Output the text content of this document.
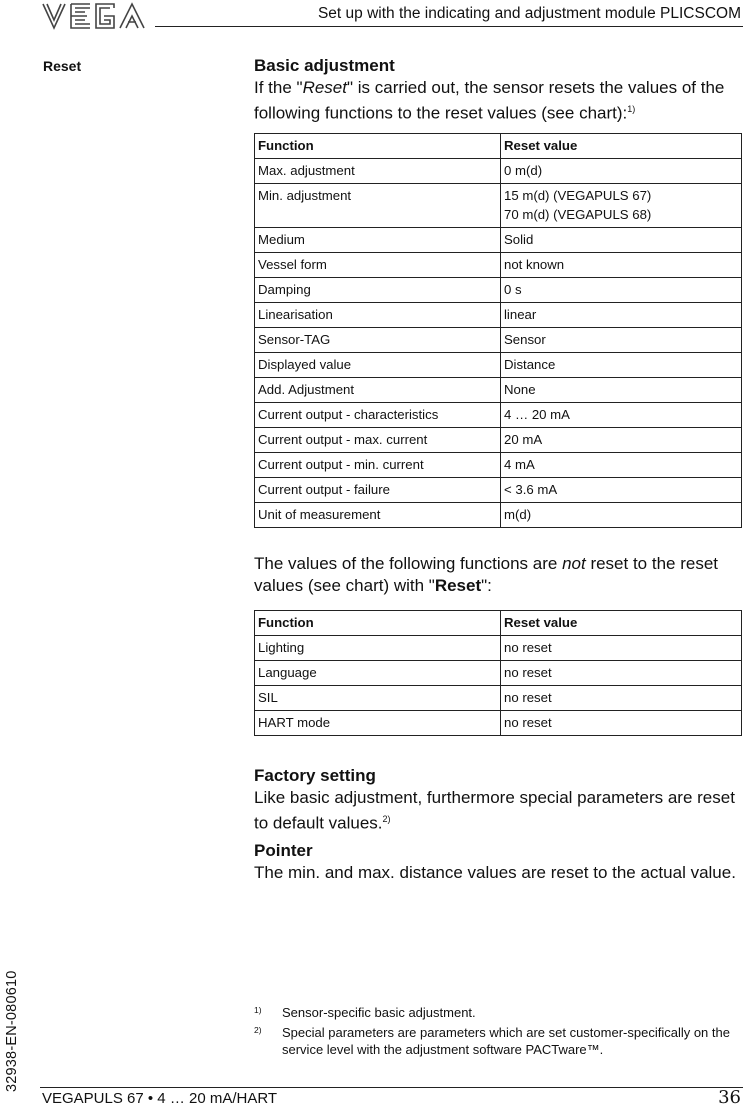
Set up with the indicating and adjustment module PLICSCOM
Reset	Basic adjustment

If the "Reset" is carried out, the sensor resets the values of the following functions to the reset values (see chart):$^{1)}$

Function	Reset value
Max. adjustment	0 m(d)

Min. adjustment	15 m(d) (VEGAPULS 67)
70 m(d) (VEGAPULS 68)

Medium	Solid

Vessel form	not known

Damping	0 s

Linearisation	linear

Sensor-TAG	Sensor

Displayed value	Distance

Add. Adjustment	None

Current output - characteristics	4 … 20 mA

Current output - max. current	20 mA

Current output - min. current	4 mA

Current output - failure	< 3.6 mA

Unit of measurement	m(d)

The values of the following functions are not reset to the reset values (see chart) with "Reset":

Function	Reset value
Lighting	no reset

Language	no reset

SIL	no reset

HART mode	no reset

Factory setting

Like basic adjustment, furthermore special parameters are reset to default values.$^{2)}$

Pointer

The min. and max. distance values are reset to the actual value.

1) Sensor-specific basic adjustment.
2) Special parameters are parameters which are set customer-specifically on the service level with the adjustment software PACTware™.
32938-EN-080610
VEGAPULS 67 • 4 … 20 mA/HART	36
